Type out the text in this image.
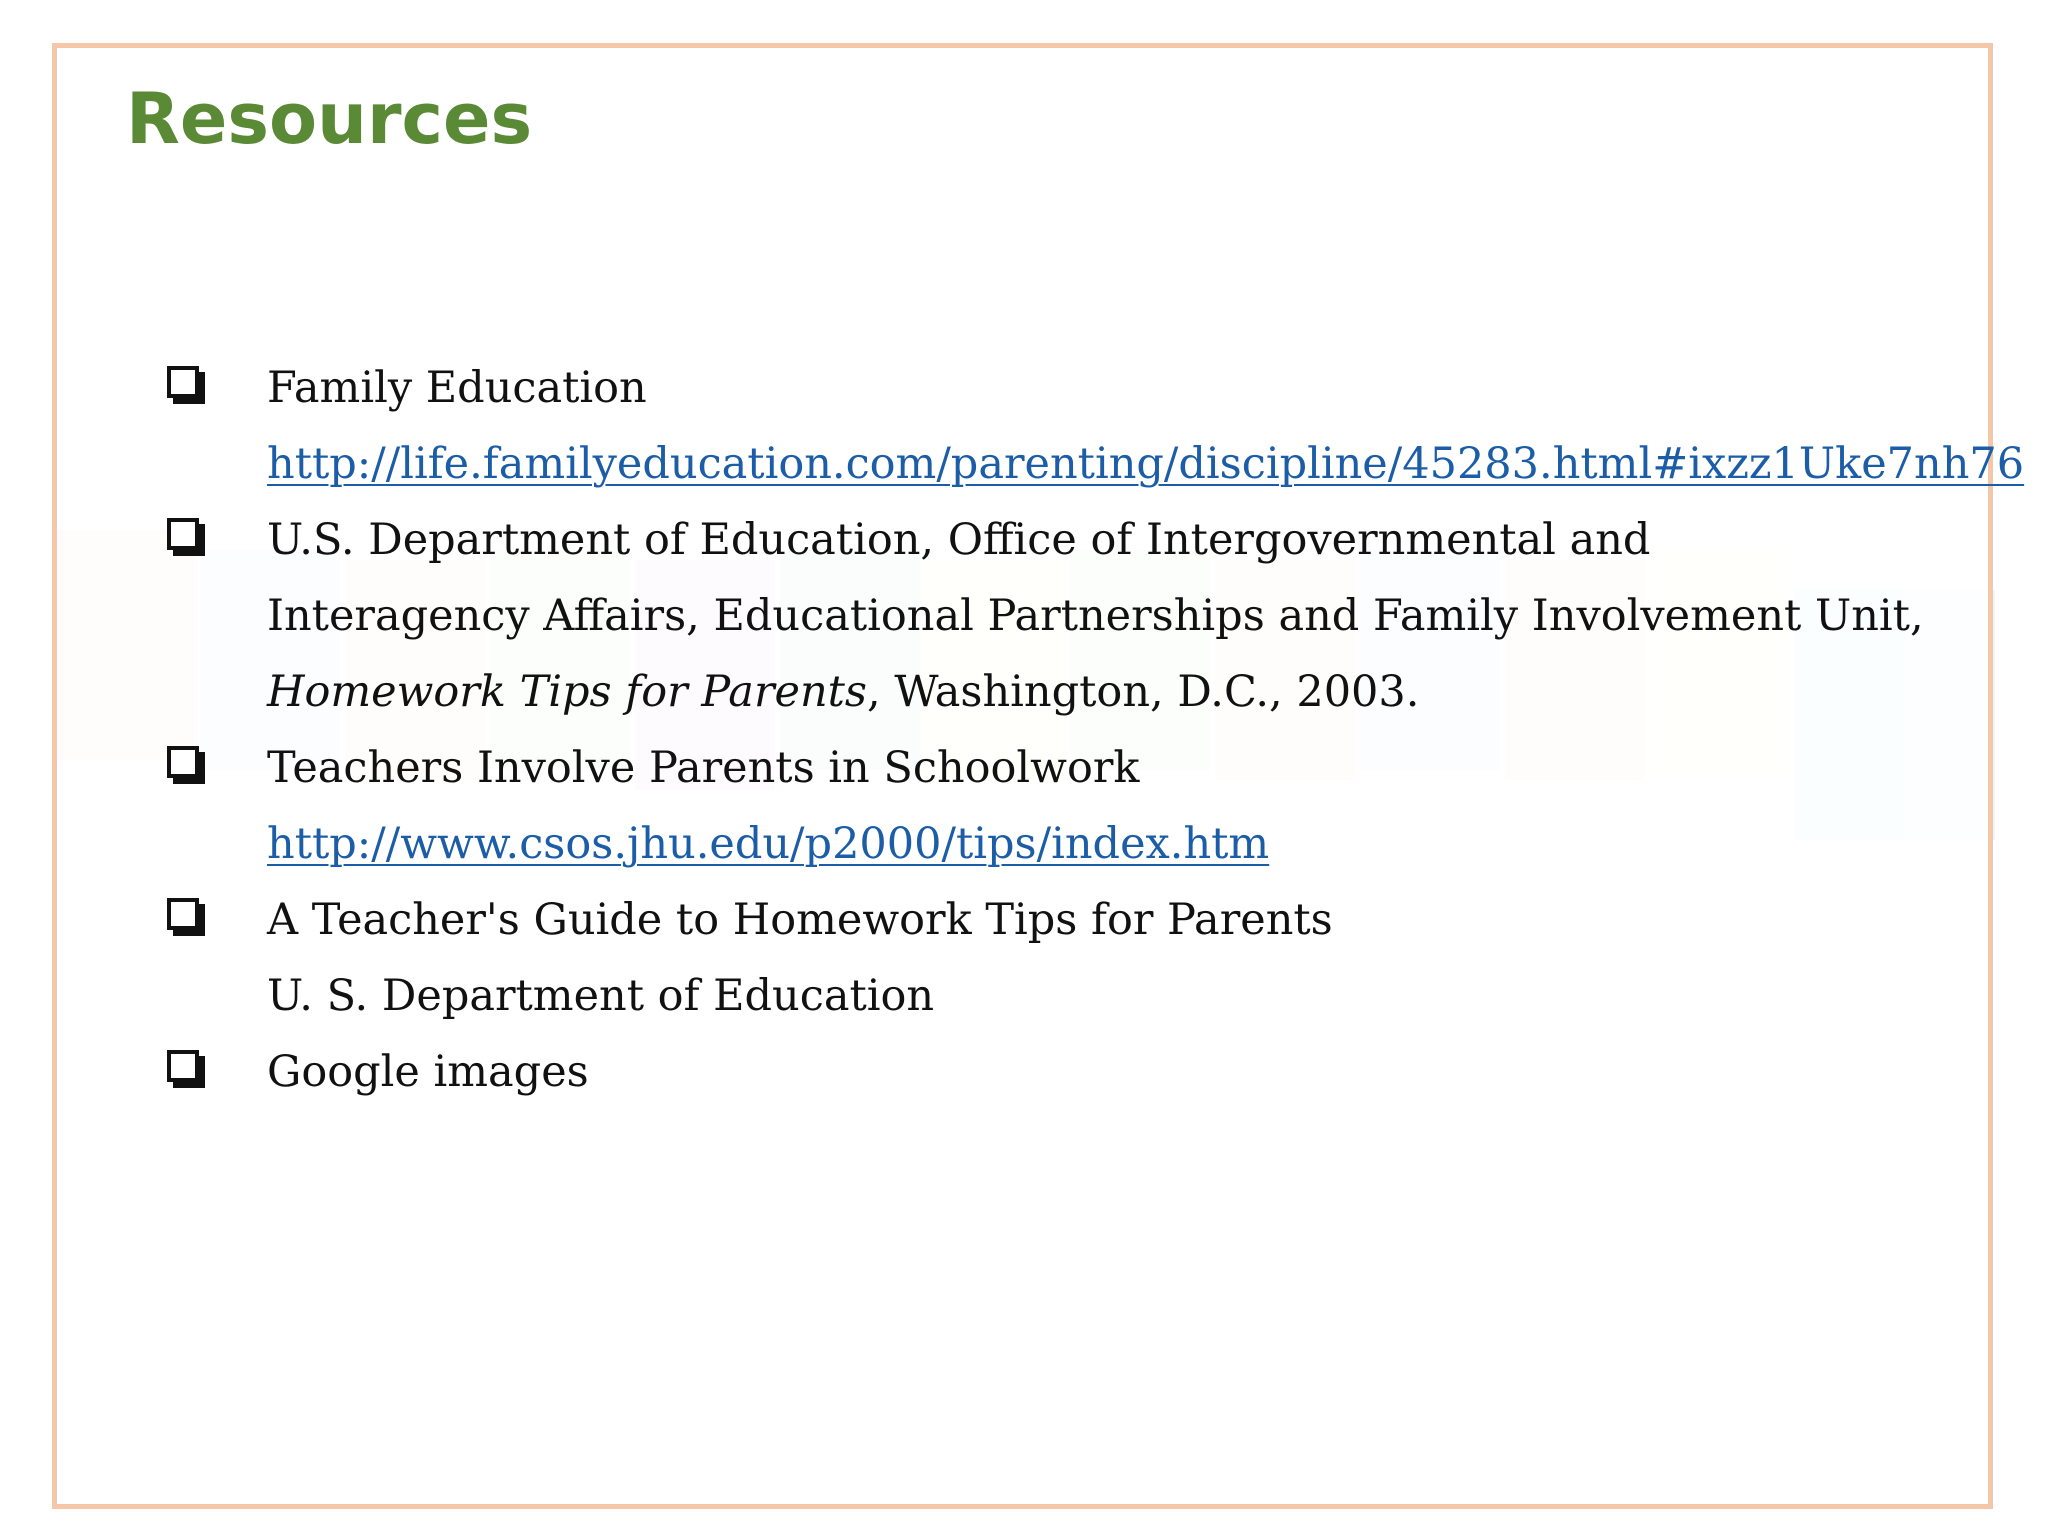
Resources
Family Education
http://life.familyeducation.com/parenting/discipline/45283.html#ixzz1Uke7nh76
U.S. Department of Education, Office of Intergovernmental and Interagency Affairs, Educational Partnerships and Family Involvement Unit, Homework Tips for Parents, Washington, D.C., 2003.
Teachers Involve Parents in Schoolwork
http://www.csos.jhu.edu/p2000/tips/index.htm
A Teacher's Guide to Homework Tips for Parents
U. S. Department of Education
Google images
